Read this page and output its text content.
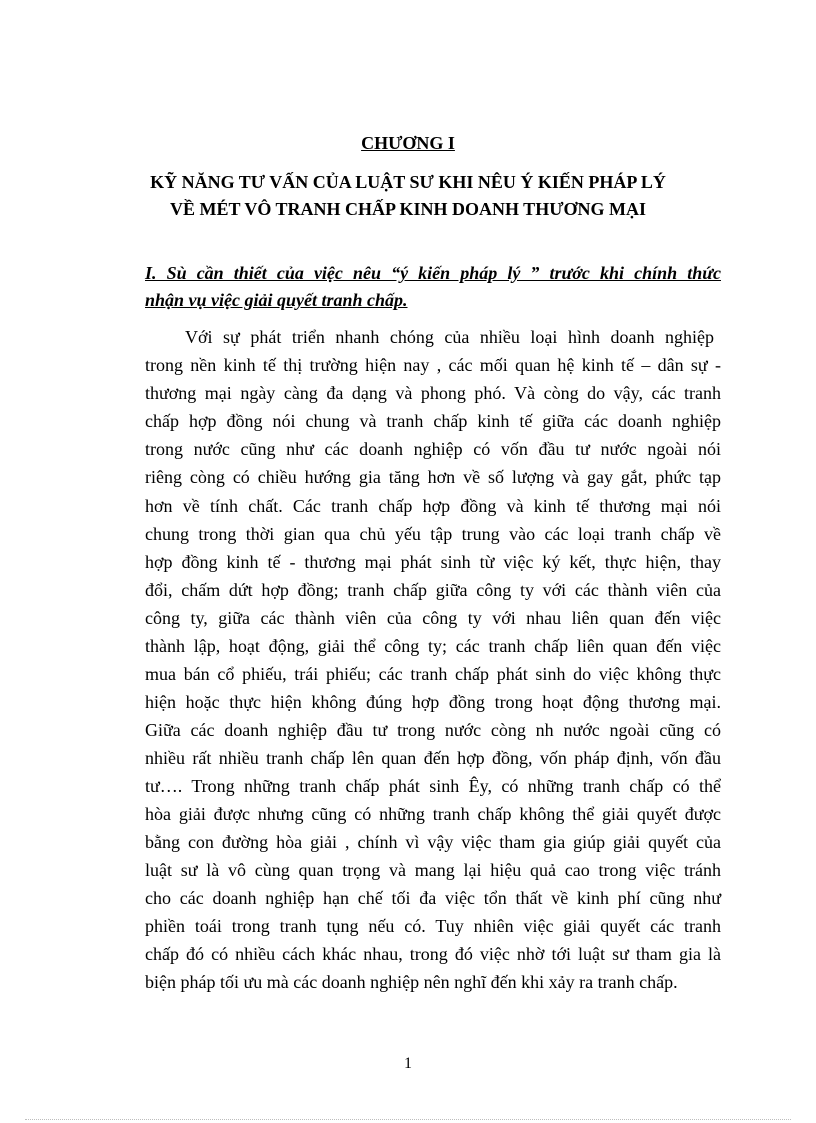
CHƯƠNG I
KỸ NĂNG TƯ VẤN CỦA LUẬT SƯ KHI NÊU Ý KIẾN PHÁP LÝ
VỀ MÉT VÔ TRANH CHẤP KINH DOANH THƯƠNG MẠI
I. Sù cần thiết của việc nêu “ý kiến pháp lý ” trước khi chính thức
nhận vụ việc giải quyết tranh chấp.
Với sự phát triển nhanh chóng của nhiều loại hình doanh nghiệp
trong nền kinh tế thị trường hiện nay , các mối quan hệ kinh tế – dân sự -
thương mại ngày càng đa dạng và phong phó. Và còng do vậy, các tranh
chấp hợp đồng nói chung và tranh chấp kinh tế giữa các doanh nghiệp
trong nước cũng như các doanh nghiệp có vốn đầu tư nước ngoài nói
riêng còng có chiều hướng gia tăng hơn về số lượng và gay gắt, phức tạp
hơn về tính chất. Các tranh chấp hợp đồng và kinh tế thương mại nói
chung trong thời gian qua chủ yếu tập trung vào các loại tranh chấp về
hợp đồng kinh tế - thương mại phát sinh từ việc ký kết, thực hiện, thay
đổi, chấm dứt hợp đồng; tranh chấp giữa công ty với các thành viên của
công ty, giữa các thành viên của công ty với nhau liên quan đến việc
thành lập, hoạt động, giải thể công ty; các tranh chấp liên quan đến việc
mua bán cổ phiếu, trái phiếu; các tranh chấp phát sinh do việc không thực
hiện hoặc thực hiện không đúng hợp đồng trong hoạt động thương mại.
Giữa các doanh nghiệp đầu tư trong nước còng nh nước ngoài cũng có
nhiều rất nhiều tranh chấp lên quan đến hợp đồng, vốn pháp định, vốn đầu
tư…. Trong những tranh chấp phát sinh Êy, có những tranh chấp có thể
hòa giải được nhưng cũng có những tranh chấp không thể giải quyết được
bằng con đường hòa giải , chính vì vậy việc tham gia giúp giải quyết của
luật sư là vô cùng quan trọng và mang lại hiệu quả cao trong việc tránh
cho các doanh nghiệp hạn chế tối đa việc tổn thất về kinh phí cũng như
phiền toái trong tranh tụng nếu có. Tuy nhiên việc giải quyết các tranh
chấp đó có nhiều cách khác nhau, trong đó việc nhờ tới luật sư tham gia là
biện pháp tối ưu mà các doanh nghiệp nên nghĩ đến khi xảy ra tranh chấp.
1
